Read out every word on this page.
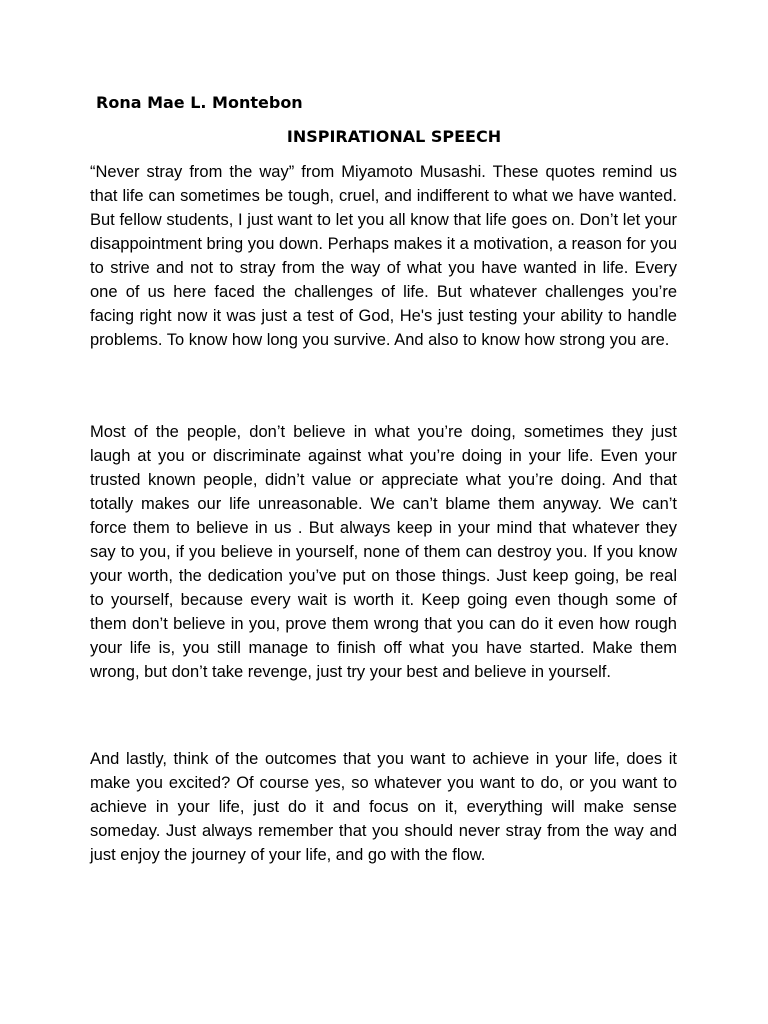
Rona Mae L. Montebon
INSPIRATIONAL SPEECH

“Never stray from the way” from Miyamoto Musashi. These quotes remind us that life can sometimes be tough, cruel, and indifferent to what we have wanted. But fellow students, I just want to let you all know that life goes on. Don’t let your disappointment bring you down. Perhaps makes it a motivation, a reason for you to strive and not to stray from the way of what you have wanted in life. Every one of us here faced the challenges of life. But whatever challenges you’re facing right now it was just a test of God, He's just testing your ability to handle problems. To know how long you survive. And also to know how strong you are.

Most of the people, don’t believe in what you’re doing, sometimes they just laugh at you or discriminate against what you’re doing in your life. Even your trusted known people, didn’t value or appreciate what you’re doing. And that totally makes our life unreasonable. We can’t blame them anyway. We can’t force them to believe in us . But always keep in your mind that whatever they say to you, if you believe in yourself, none of them can destroy you. If you know your worth, the dedication you’ve put on those things. Just keep going, be real to yourself, because every wait is worth it. Keep going even though some of them don’t believe in you, prove them wrong that you can do it even how rough your life is, you still manage to finish off what you have started. Make them wrong, but don’t take revenge, just try your best and believe in yourself.

And lastly, think of the outcomes that you want to achieve in your life, does it make you excited? Of course yes, so whatever you want to do, or you want to achieve in your life, just do it and focus on it, everything will make sense someday. Just always remember that you should never stray from the way and just enjoy the journey of your life, and go with the flow.
